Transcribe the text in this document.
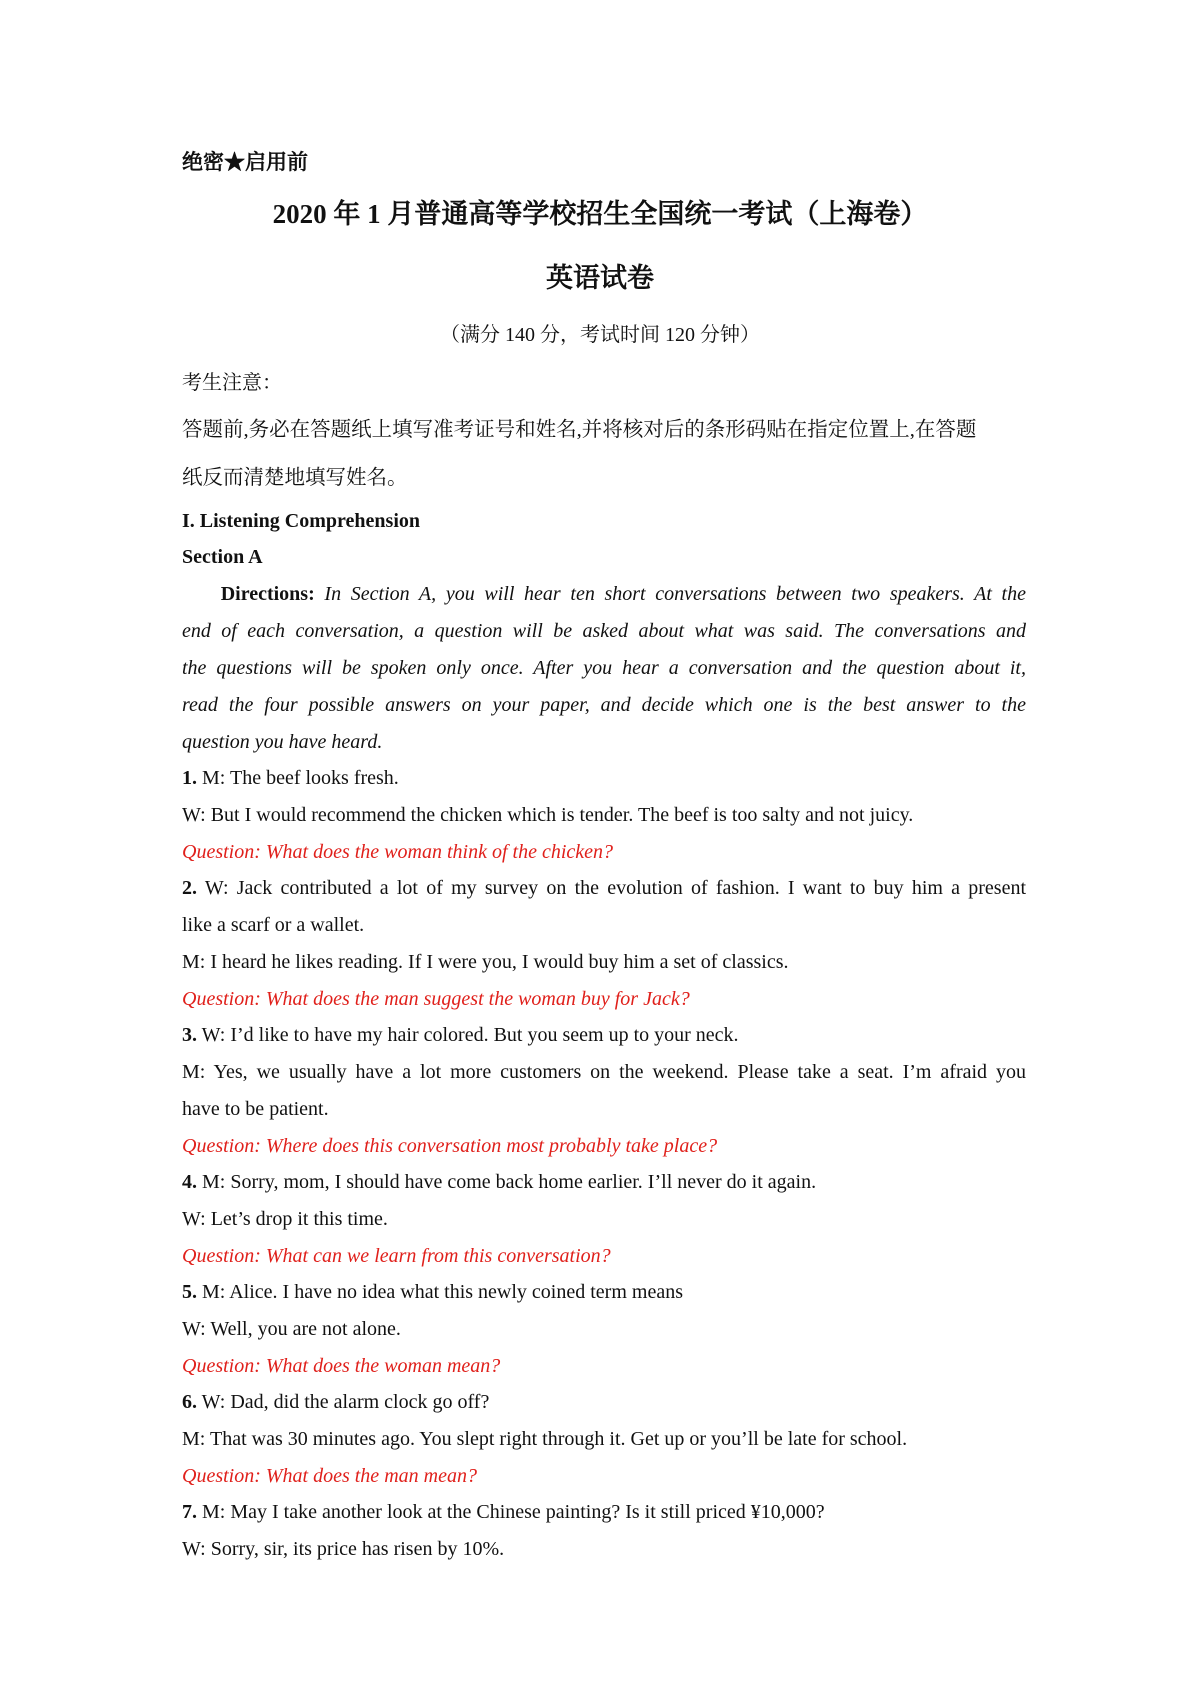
绝密★启用前
2020 年 1 月普通高等学校招生全国统一考试（上海卷）
英语试卷
（满分 140 分，考试时间 120 分钟）
考生注意：
答题前,务必在答题纸上填写准考证号和姓名,并将核对后的条形码贴在指定位置上,在答题
纸反而清楚地填写姓名。
I. Listening Comprehension
Section A
Directions: In Section A, you will hear ten short conversations between two speakers. At the
end of each conversation, a question will be asked about what was said. The conversations and
the questions will be spoken only once. After you hear a conversation and the question about it,
read the four possible answers on your paper, and decide which one is the best answer to the
question you have heard.
1. M: The beef looks fresh.
W: But I would recommend the chicken which is tender. The beef is too salty and not juicy.
Question: What does the woman think of the chicken?
2. W: Jack contributed a lot of my survey on the evolution of fashion. I want to buy him a present
like a scarf or a wallet.
M: I heard he likes reading. If I were you, I would buy him a set of classics.
Question: What does the man suggest the woman buy for Jack?
3. W: I’d like to have my hair colored. But you seem up to your neck.
M: Yes, we usually have a lot more customers on the weekend. Please take a seat. I’m afraid you
have to be patient.
Question: Where does this conversation most probably take place?
4. M: Sorry, mom, I should have come back home earlier. I’ll never do it again.
W: Let’s drop it this time.
Question: What can we learn from this conversation?
5. M: Alice. I have no idea what this newly coined term means
W: Well, you are not alone.
Question: What does the woman mean?
6. W: Dad, did the alarm clock go off?
M: That was 30 minutes ago. You slept right through it. Get up or you’ll be late for school.
Question: What does the man mean?
7. M: May I take another look at the Chinese painting? Is it still priced ¥10,000?
W: Sorry, sir, its price has risen by 10%.
